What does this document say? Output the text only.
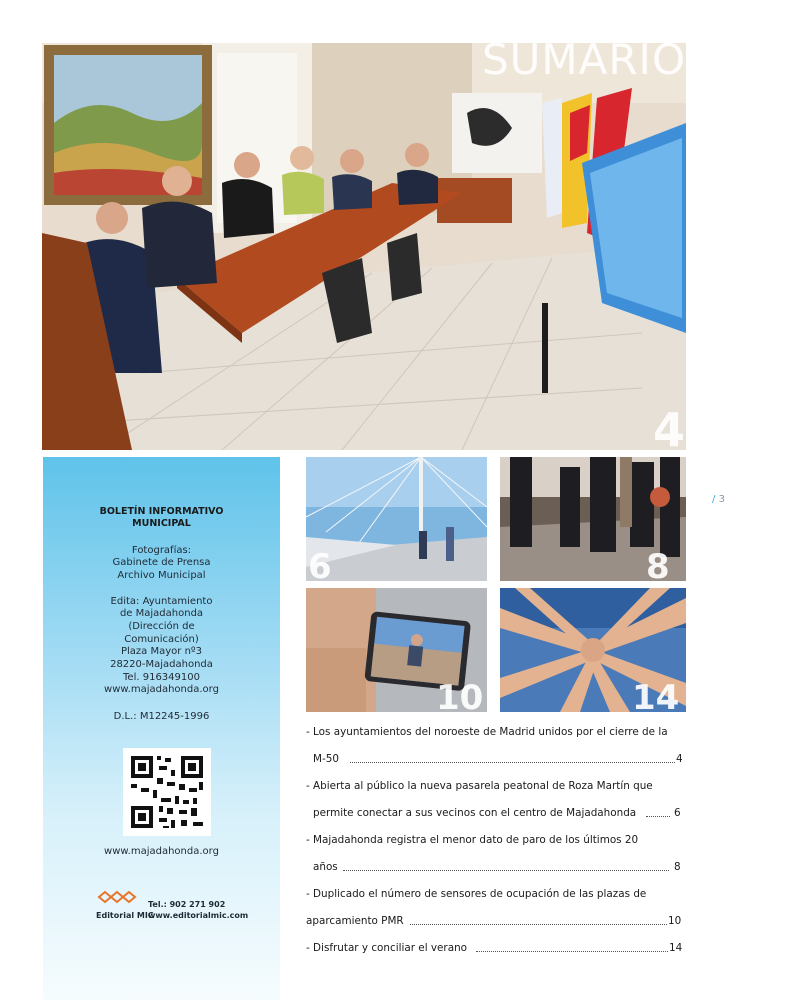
SUMARIO
4
BOLETÍN INFORMATIVO
MUNICIPAL
Fotografías:
Gabinete de Prensa
Archivo Municipal
Edita: Ayuntamiento
de Majadahonda
(Dirección de
Comunicación)
Plaza Mayor nº3
28220-Majadahonda
Tel. 916349100
www.majadahonda.org
D.L.: M12245-1996
www.majadahonda.org
Editorial MIC
Tel.: 902 271 902
www.editorialmic.com
6	8
10	14
/ 3
- Los ayuntamientos del noroeste de Madrid unidos por el cierre de la
M-50	4
- Abierta al público la nueva pasarela peatonal de Roza Martín que
permite conectar a sus vecinos con el centro de Majadahonda	6
- Majadahonda registra el menor dato de paro de los últimos 20
años	8
- Duplicado el número de sensores de ocupación de las plazas de
aparcamiento PMR	10
- Disfrutar y conciliar el verano	14
